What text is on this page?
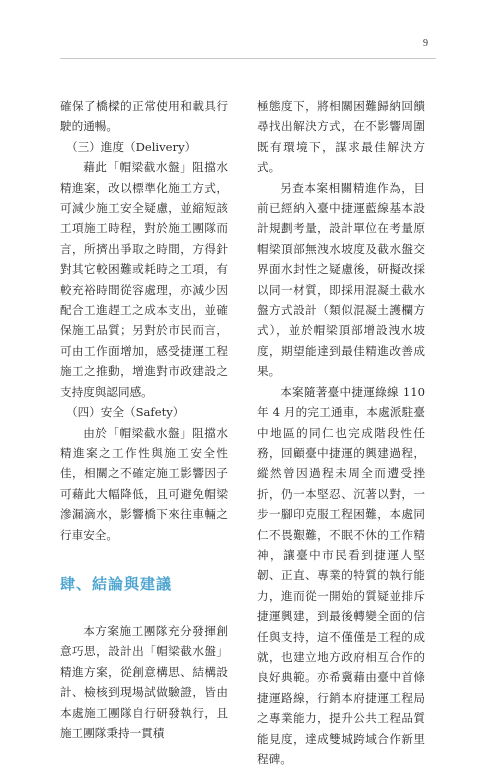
9

確保了橋樑的正常使用和載具行駛的通暢。

（三）進度（Delivery）

藉此「帽梁截水盤」阻擋水精進案，改以標準化施工方式，可減少施工安全疑慮，並縮短該工項施工時程，對於施工團隊而言，所擠出爭取之時間，方得針對其它較困難或耗時之工項，有較充裕時間從容處理，亦減少因配合工進趕工之成本支出，並確保施工品質；另對於市民而言，可由工作面增加，感受捷運工程施工之推動，增進對市政建設之支持度與認同感。

（四）安全（Safety）

由於「帽梁截水盤」阻擋水精進案之工作性與施工安全性佳，相關之不確定施工影響因子可藉此大幅降低，且可避免帽梁滲漏滴水，影響橋下來往車輛之行車安全。

肆、結論與建議

本方案施工團隊充分發揮創意巧思，設計出「帽梁截水盤」精進方案，從創意構思、結構設計、檢核到現場試做驗證，皆由本處施工團隊自行研發執行，且施工團隊秉持一貫積

極態度下，將相關困難歸納回饋尋找出解決方式，在不影響周圍既有環境下，謀求最佳解決方式。

另查本案相關精進作為，目前已經納入臺中捷運藍線基本設計規劃考量，設計單位在考量原帽梁頂部無洩水坡度及截水盤交界面水封性之疑慮後，研擬改採以同一材質，即採用混凝土截水盤方式設計（類似混凝土護欄方式），並於帽梁頂部增設洩水坡度，期望能達到最佳精進改善成果。

本案隨著臺中捷運綠線 110 年 4 月的完工通車，本處派駐臺中地區的同仁也完成階段性任務，回顧臺中捷運的興建過程，縱然曾因過程未周全而遭受挫折，仍一本堅忍、沉著以對，一步一腳印克服工程困難，本處同仁不畏艱難，不眠不休的工作精神，讓臺中市民看到捷運人堅韌、正直、專業的特質的執行能力，進而從一開始的質疑並排斥捷運興建，到最後轉變全面的信任與支持，這不僅僅是工程的成就，也建立地方政府相互合作的良好典範。亦希冀藉由臺中首條捷運路線，行銷本府捷運工程局之專業能力，提升公共工程品質能見度，達成雙城跨域合作新里程碑。
